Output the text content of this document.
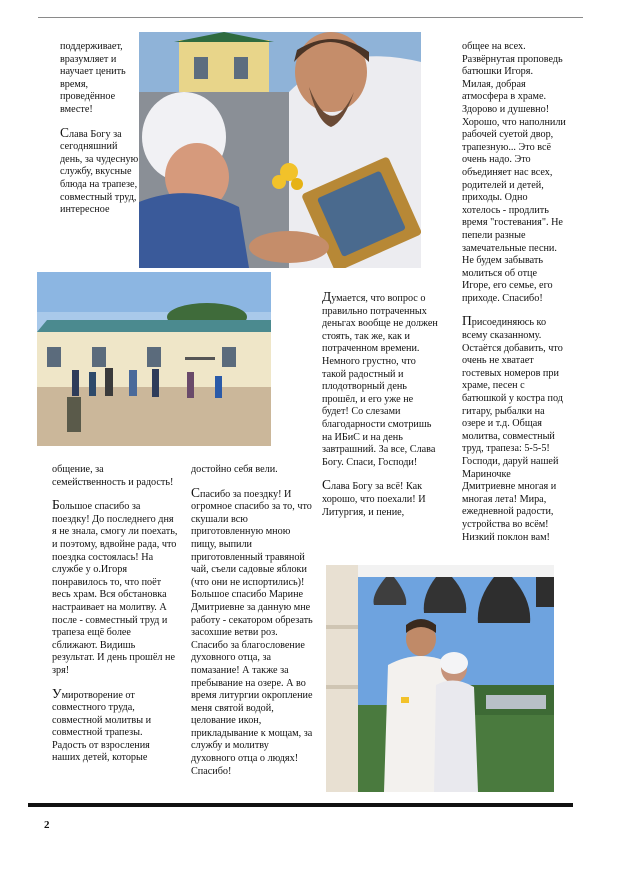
поддерживает, вразумляет и научает ценить время, проведённое вместе!

Слава Богу за сегодняшний день, за чудесную службу, вкусные блюда на трапезе, совместный труд, интересное

общее на всех. Развёрнутая проповедь батюшки Игоря. Милая, добрая атмосфера в храме. Здорово и душевно! Хорошо, что наполнили рабочей суетой двор, трапезную... Это всё очень надо. Это объединяет нас всех, родителей и детей, приходы. Одно хотелось - продлить время "гостевания". Не пепели разные замечательные песни. Не будем забывать молиться об отце Игоре, его семье, его приходе. Спасибо!

Присоединяюсь ко всему сказанному. Остаётся добавить, что очень не хватает гостевых номеров при храме, песен с батюшкой у костра под гитару, рыбалки на озере и т.д. Общая молитва, совместный труд, трапеза: 5-5-5! Господи, даруй нашей Мариночке Дмитриевне многая и многая лета! Мира, ежедневной радости, устройства во всём! Низкий поклон вам!

Думается, что вопрос о правильно потраченных деньгах вообще не должен стоять, так же, как и потраченном времени. Немного грустно, что такой радостный и плодотворный день прошёл, и его уже не будет! Со слезами благодарности смотришь на ИБиС и на день завтрашний. За все, Слава Богу. Спаси, Господи!

Слава Богу за всё! Как хорошо, что поехали! И Литургия, и пение,

общение, за семейственность и радость!

Большое спасибо за поездку! До последнего дня я не знала, смогу ли поехать, и поэтому, вдвойне рада, что поездка состоялась! На службе у о.Игоря понравилось то, что поёт весь храм. Вся обстановка настраивает на молитву. А после - совместный труд и трапеза ещё более сближают. Видишь результат. И день прошёл не зря!

Умиротворение от совместного труда, совместной молитвы и совместной трапезы. Радость от взросления наших детей, которые

достойно себя вели.

Спасибо за поездку! И огромное спасибо за то, что скушали всю приготовленную мною пищу, выпили приготовленный травяной чай, съели садовые яблоки (что они не испортились)! Большое спасибо Марине Дмитриевне за данную мне работу - секатором обрезать засохшие ветви роз. Спасибо за благословение духовного отца, за помазание! А также за пребывание на озере. А во время литургии окропление меня святой водой, целование икон, прикладывание к мощам, за службу и молитву духовного отца о людях! Спасибо!

2
